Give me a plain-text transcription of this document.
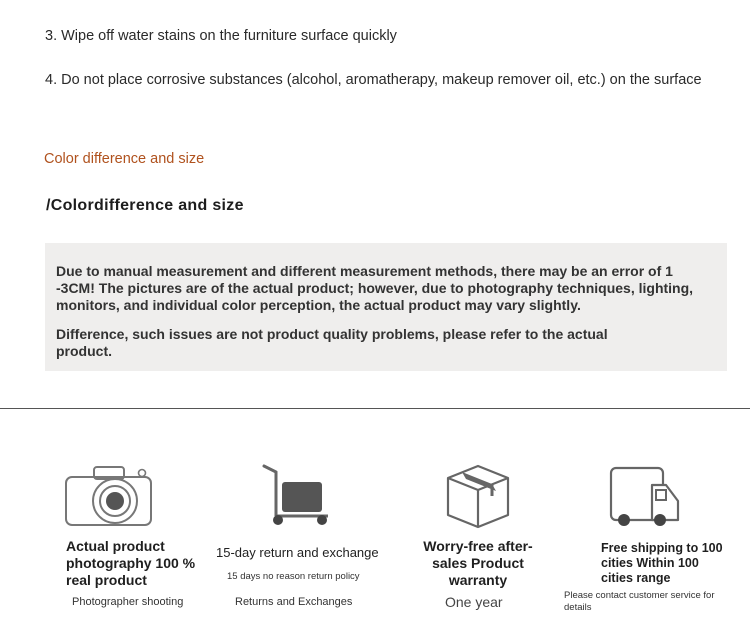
3. Wipe off water stains on the furniture surface quickly
4. Do not place corrosive substances (alcohol, aromatherapy, makeup remover oil, etc.) on the surface
Color difference and size
/Colordifference and size
Due to manual measurement and different measurement methods, there may be an error of 1 -3CM! The pictures are of the actual product; however, due to photography techniques, lighting, monitors, and individual color perception, the actual product may vary slightly.
Difference, such issues are not product quality problems, please refer to the actual product.
Actual product photography 100 % real product
Photographer shooting
15-day return and exchange
15 days no reason return policy
Returns and Exchanges
Worry-free after-sales Product warranty
One year
Free shipping to 100 cities Within 100 cities range
Please contact customer service for details
